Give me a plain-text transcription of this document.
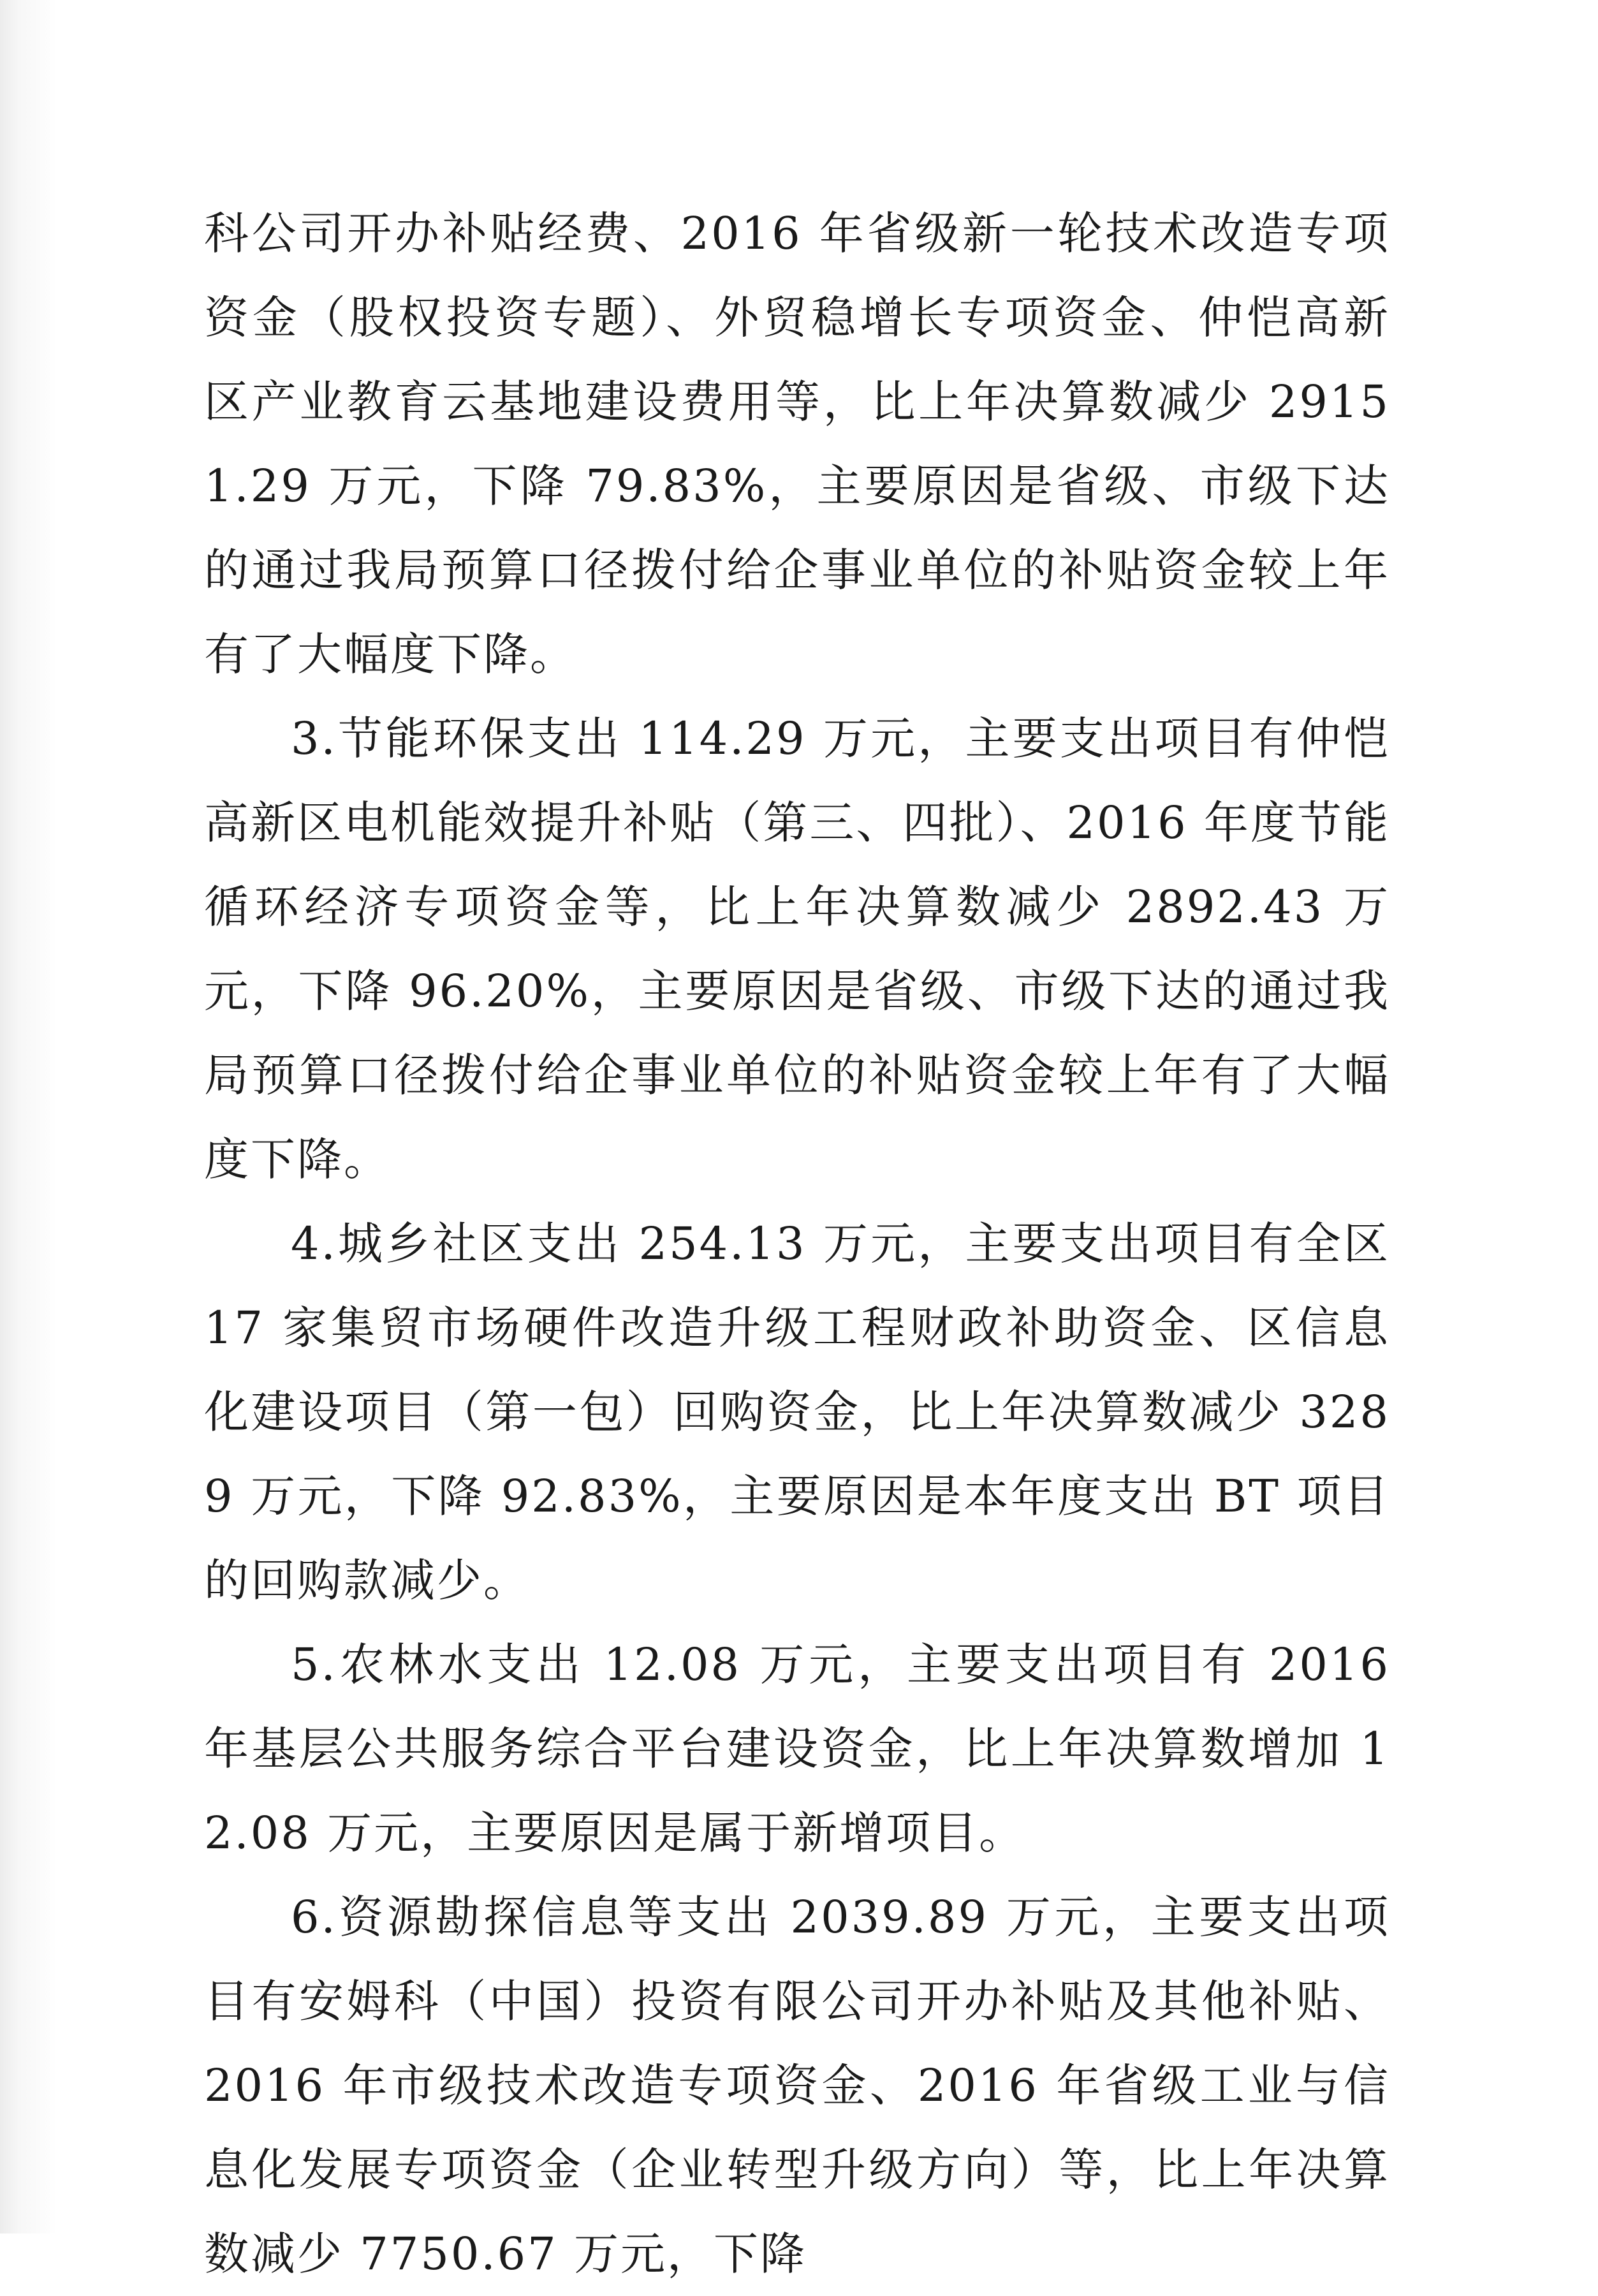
科公司开办补贴经费、2016 年省级新一轮技术改造专项资金（股权投资专题）、外贸稳增长专项资金、仲恺高新区产业教育云基地建设费用等，比上年决算数减少 29151.29 万元，下降 79.83%，主要原因是省级、市级下达的通过我局预算口径拨付给企事业单位的补贴资金较上年有了大幅度下降。

3.节能环保支出 114.29 万元，主要支出项目有仲恺高新区电机能效提升补贴（第三、四批）、2016 年度节能循环经济专项资金等，比上年决算数减少 2892.43 万元，下降 96.20%，主要原因是省级、市级下达的通过我局预算口径拨付给企事业单位的补贴资金较上年有了大幅度下降。

4.城乡社区支出 254.13 万元，主要支出项目有全区 17 家集贸市场硬件改造升级工程财政补助资金、区信息化建设项目（第一包）回购资金，比上年决算数减少 3289 万元，下降 92.83%，主要原因是本年度支出 BT 项目的回购款减少。

5.农林水支出 12.08 万元，主要支出项目有 2016 年基层公共服务综合平台建设资金，比上年决算数增加 12.08 万元，主要原因是属于新增项目。

6.资源勘探信息等支出 2039.89 万元，主要支出项目有安姆科（中国）投资有限公司开办补贴及其他补贴、2016 年市级技术改造专项资金、2016 年省级工业与信息化发展专项资金（企业转型升级方向）等，比上年决算数减少 7750.67 万元，下降
